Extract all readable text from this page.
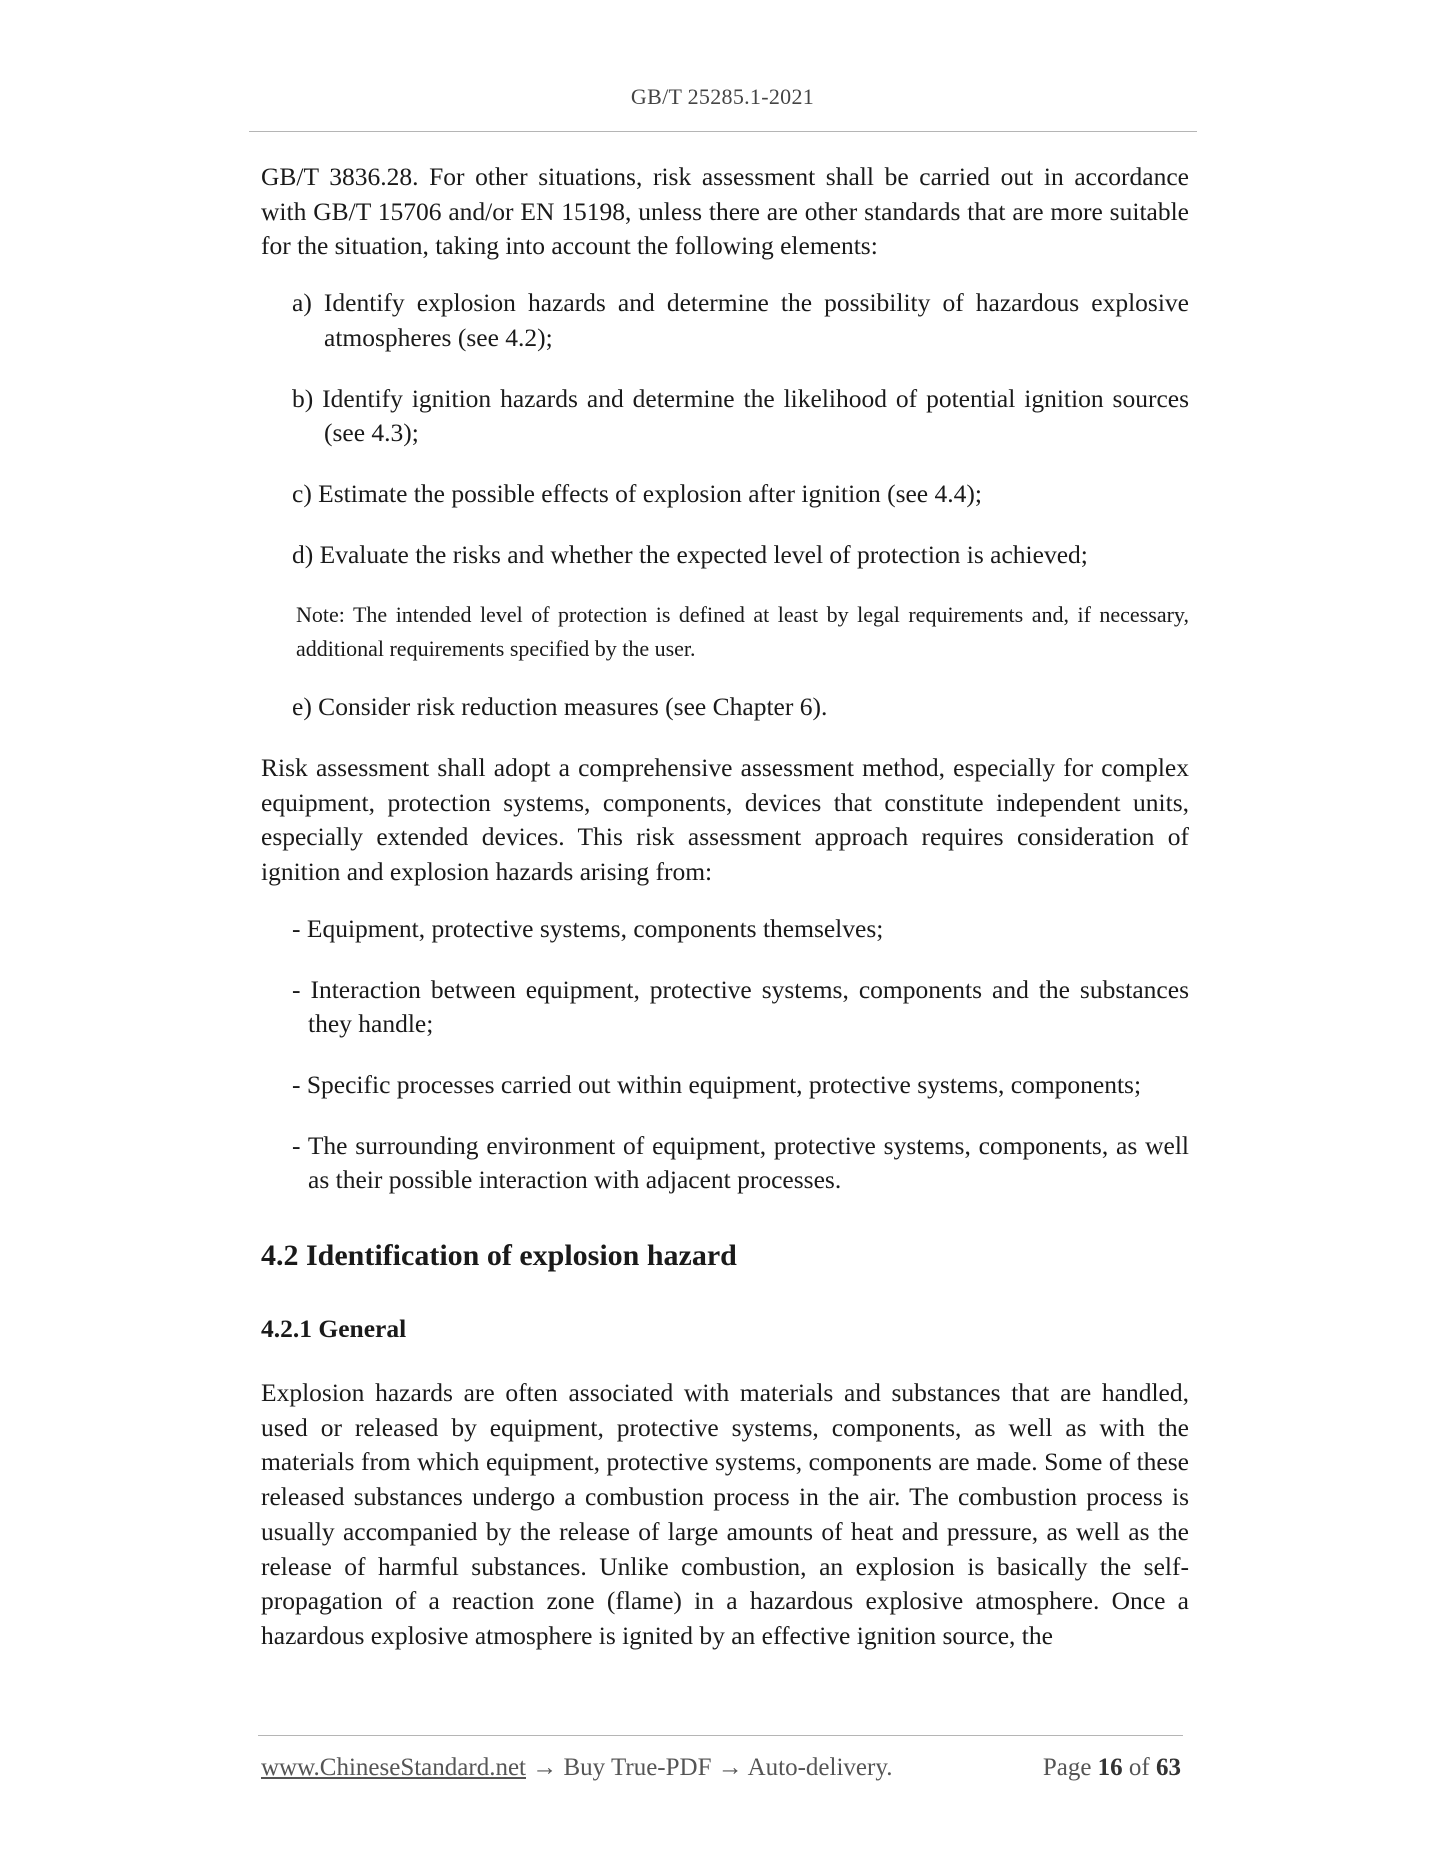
GB/T 25285.1-2021

GB/T 3836.28. For other situations, risk assessment shall be carried out in accordance with GB/T 15706 and/or EN 15198, unless there are other standards that are more suitable for the situation, taking into account the following elements:

a) Identify explosion hazards and determine the possibility of hazardous explosive atmospheres (see 4.2);

b) Identify ignition hazards and determine the likelihood of potential ignition sources (see 4.3);

c) Estimate the possible effects of explosion after ignition (see 4.4);

d) Evaluate the risks and whether the expected level of protection is achieved;

Note: The intended level of protection is defined at least by legal requirements and, if necessary, additional requirements specified by the user.

e) Consider risk reduction measures (see Chapter 6).

Risk assessment shall adopt a comprehensive assessment method, especially for complex equipment, protection systems, components, devices that constitute independent units, especially extended devices. This risk assessment approach requires consideration of ignition and explosion hazards arising from:

- Equipment, protective systems, components themselves;

- Interaction between equipment, protective systems, components and the substances they handle;

- Specific processes carried out within equipment, protective systems, components;

- The surrounding environment of equipment, protective systems, components, as well as their possible interaction with adjacent processes.

4.2 Identification of explosion hazard
4.2.1 General

Explosion hazards are often associated with materials and substances that are handled, used or released by equipment, protective systems, components, as well as with the materials from which equipment, protective systems, components are made. Some of these released substances undergo a combustion process in the air. The combustion process is usually accompanied by the release of large amounts of heat and pressure, as well as the release of harmful substances. Unlike combustion, an explosion is basically the self-propagation of a reaction zone (flame) in a hazardous explosive atmosphere. Once a hazardous explosive atmosphere is ignited by an effective ignition source, the

www.ChineseStandard.net → Buy True-PDF → Auto-delivery.	Page 16 of 63
